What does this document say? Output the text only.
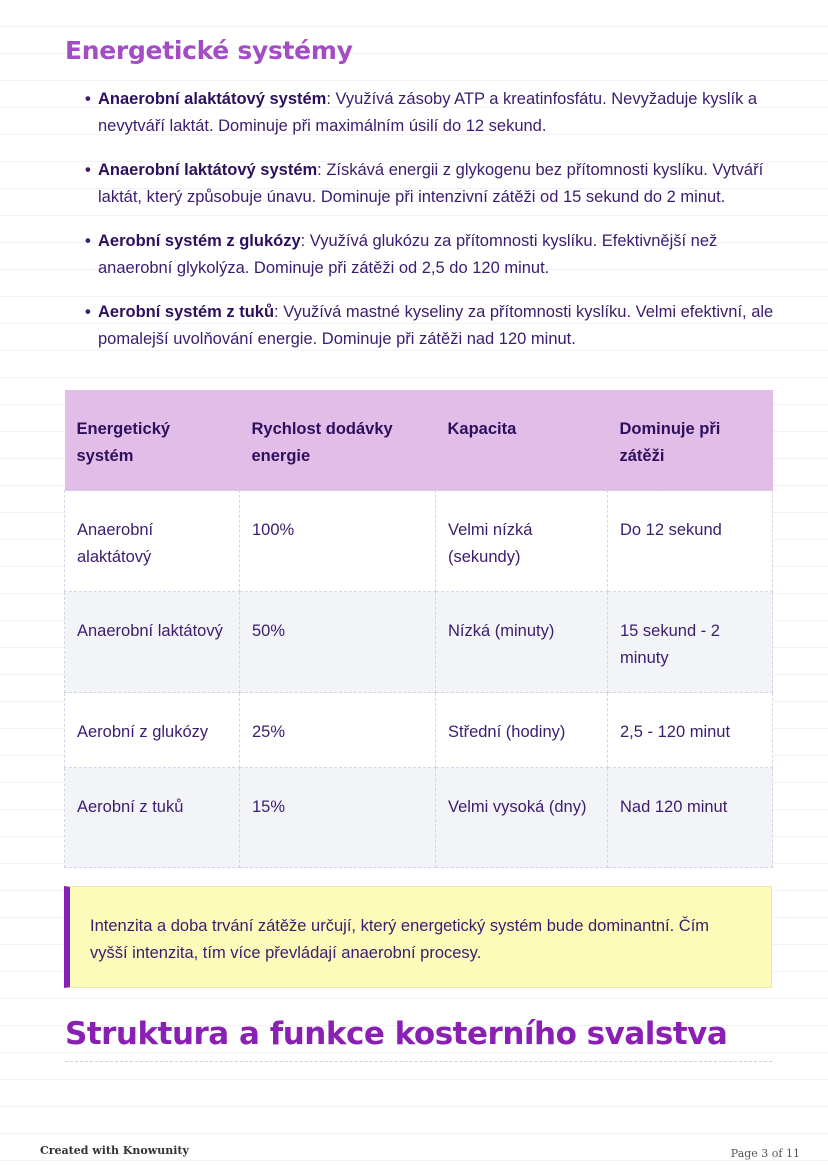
Energetické systémy
• Anaerobní alaktátový systém: Využívá zásoby ATP a kreatinfosfátu. Nevyžaduje kyslík a nevytváří laktát. Dominuje při maximálním úsilí do 12 sekund.
• Anaerobní laktátový systém: Získává energii z glykogenu bez přítomnosti kyslíku. Vytváří laktát, který způsobuje únavu. Dominuje při intenzivní zátěži od 15 sekund do 2 minut.
• Aerobní systém z glukózy: Využívá glukózu za přítomnosti kyslíku. Efektivnější než anaerobní glykolýza. Dominuje při zátěži od 2,5 do 120 minut.
• Aerobní systém z tuků: Využívá mastné kyseliny za přítomnosti kyslíku. Velmi efektivní, ale pomalejší uvolňování energie. Dominuje při zátěži nad 120 minut.
Energetický systém	Rychlost dodávky energie	Kapacita	Dominuje při zátěži
Anaerobní alaktátový	100%	Velmi nízká (sekundy)	Do 12 sekund
Anaerobní laktátový	50%	Nízká (minuty)	15 sekund - 2 minuty
Aerobní z glukózy	25%	Střední (hodiny)	2,5 - 120 minut
Aerobní z tuků	15%	Velmi vysoká (dny)	Nad 120 minut

Intenzita a doba trvání zátěže určují, který energetický systém bude dominantní. Čím vyšší intenzita, tím více převládají anaerobní procesy.

Struktura a funkce kosterního svalstva
Created with Knowunity	Page 3 of 11
